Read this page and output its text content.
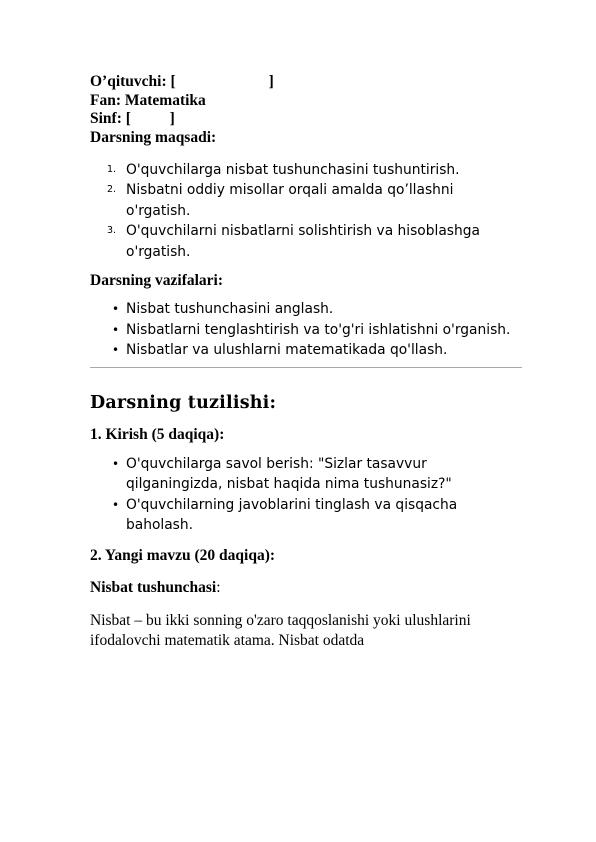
O’qituvchi: [                        ]
Fan: Matematika
Sinf: [          ]
Darsning maqsadi:
1. O'quvchilarga nisbat tushunchasini tushuntirish.
2. Nisbatni oddiy misollar orqali amalda qo’llashni o'rgatish.
3. O'quvchilarni nisbatlarni solishtirish va hisoblashga o'rgatish.
Darsning vazifalari:
• Nisbat tushunchasini anglash.
• Nisbatlarni tenglashtirish va to'g'ri ishlatishni o'rganish.
• Nisbatlar va ulushlarni matematikada qo'llash.
Darsning tuzilishi:
1. Kirish (5 daqiqa):
• O'quvchilarga savol berish: "Sizlar tasavvur qilganingizda, nisbat haqida nima tushunasiz?"
• O'quvchilarning javoblarini tinglash va qisqacha baholash.
2. Yangi mavzu (20 daqiqa):
Nisbat tushunchasi:
Nisbat – bu ikki sonning o'zaro taqqoslanishi yoki ulushlarini ifodalovchi matematik atama. Nisbat odatda
